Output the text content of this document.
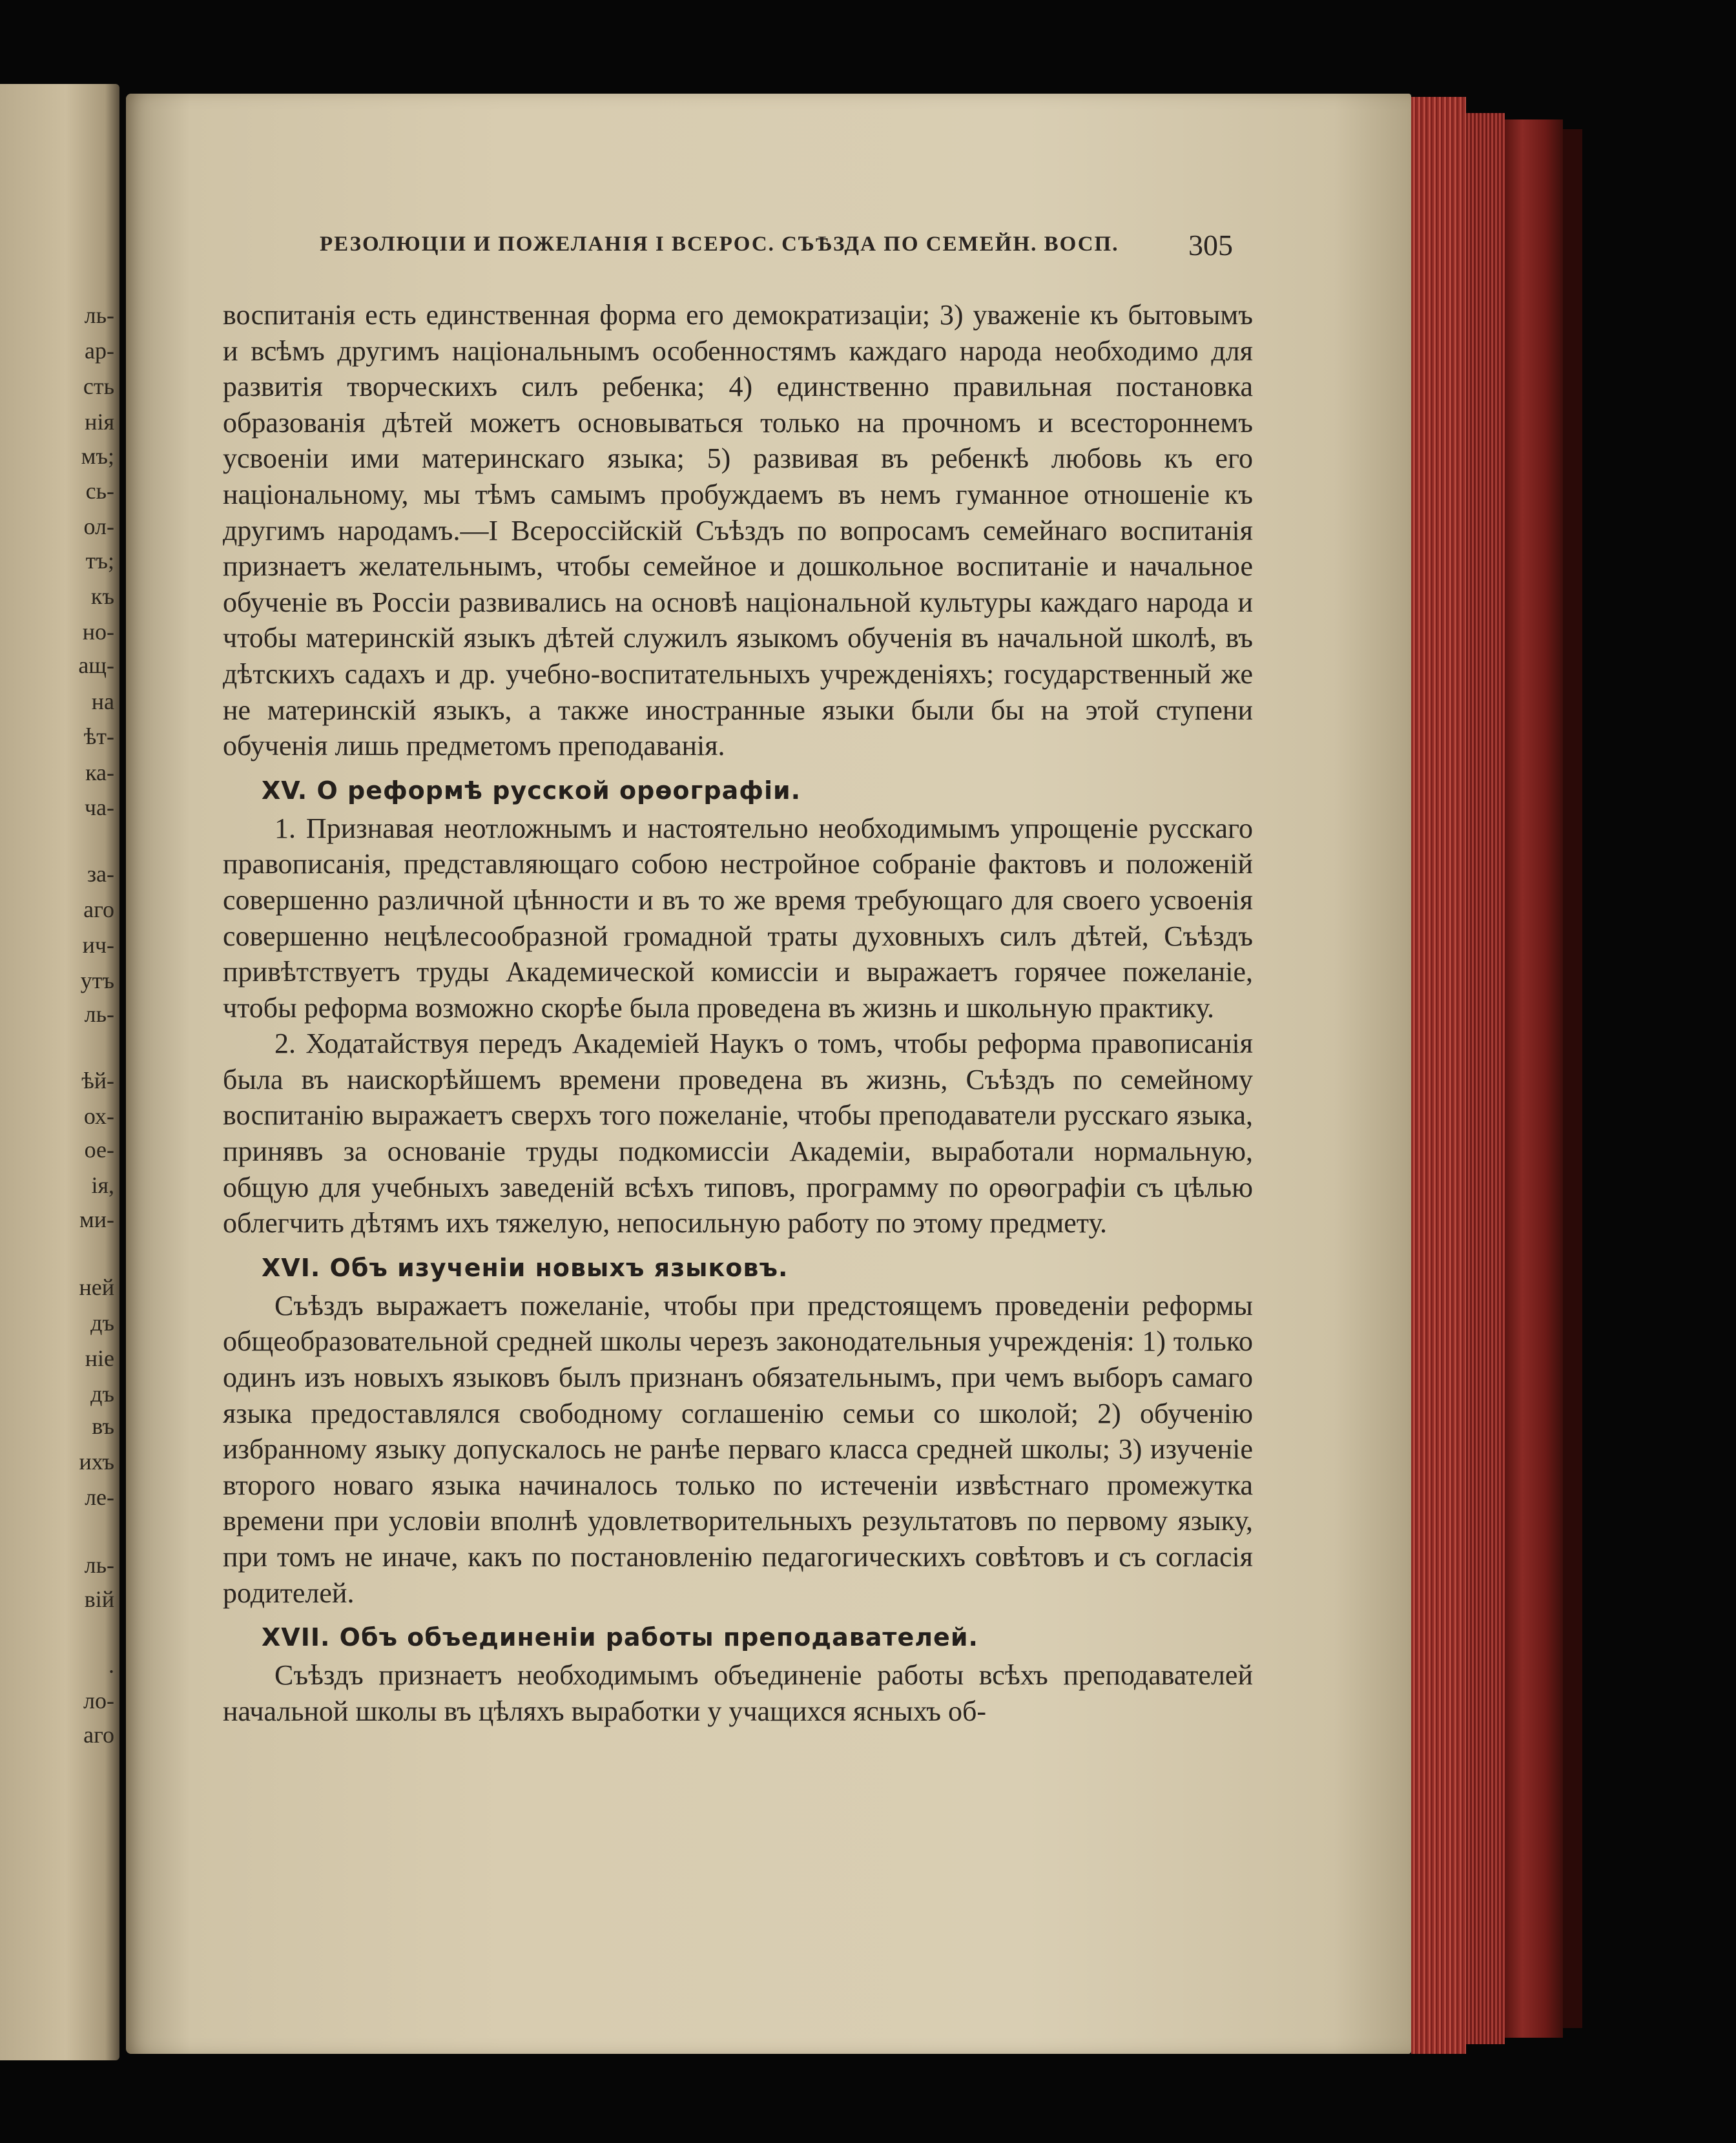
ль-
ар-
сть
нія
мъ;
сь-
ол-
тъ;
къ
но-
ащ-
на
ѣт-
ка-
ча-
за-
аго
ич-
утъ
ль-
ѣй-
ох-
ое-
ія,
ми-
ней
дъ
ніе
дъ
въ
ихъ
ле-
ль-
вій
.
ло-
аго
РЕЗОЛЮЦІИ И ПОЖЕЛАНІЯ І ВСЕРОС. СЪѢЗДА ПО СЕМЕЙН. ВОСП.	305

воспитанія есть единственная форма его демократизаціи; 3) уваженіе къ бытовымъ и всѣмъ другимъ національнымъ особенностямъ каждаго народа необходимо для развитія творческихъ силъ ребенка; 4) единственно правильная постановка образованія дѣтей можетъ основываться только на прочномъ и всестороннемъ усвоеніи ими материнскаго языка; 5) развивая въ ребенкѣ любовь къ его національному, мы тѣмъ самымъ пробуждаемъ въ немъ гуманное отношеніе къ другимъ народамъ.—I Всероссійскій Съѣздъ по вопросамъ семейнаго воспитанія признаетъ желательнымъ, чтобы семейное и дошкольное воспитаніе и начальное обученіе въ Россіи развивались на основѣ національной культуры каждаго народа и чтобы материнскій языкъ дѣтей служилъ языкомъ обученія въ начальной школѣ, въ дѣтскихъ садахъ и др. учебно-воспитательныхъ учрежденіяхъ; государственный же не материнскій языкъ, а также иностранные языки были бы на этой ступени обученія лишь предметомъ преподаванія.

XV. О реформѣ русской орѳографіи.

1. Признавая неотложнымъ и настоятельно необходимымъ упрощеніе русскаго правописанія, представляющаго собою нестройное собраніе фактовъ и положеній совершенно различной цѣнности и въ то же время требующаго для своего усвоенія совершенно нецѣлесообразной громадной траты духовныхъ силъ дѣтей, Съѣздъ привѣтствуетъ труды Академической комиссіи и выражаетъ горячее пожеланіе, чтобы реформа возможно скорѣе была проведена въ жизнь и школьную практику.

2. Ходатайствуя передъ Академіей Наукъ о томъ, чтобы реформа правописанія была въ наискорѣйшемъ времени проведена въ жизнь, Съѣздъ по семейному воспитанію выражаетъ сверхъ того пожеланіе, чтобы преподаватели русскаго языка, принявъ за основаніе труды подкомиссіи Академіи, выработали нормальную, общую для учебныхъ заведеній всѣхъ типовъ, программу по орѳографіи съ цѣлью облегчить дѣтямъ ихъ тяжелую, непосильную работу по этому предмету.

XVI. Объ изученіи новыхъ языковъ.

Съѣздъ выражаетъ пожеланіе, чтобы при предстоящемъ проведеніи реформы общеобразовательной средней школы черезъ законодательныя учрежденія: 1) только одинъ изъ новыхъ языковъ былъ признанъ обязательнымъ, при чемъ выборъ самаго языка предоставлялся свободному соглашенію семьи со школой; 2) обученію избранному языку допускалось не ранѣе перваго класса средней школы; 3) изученіе второго новаго языка начиналось только по истеченіи извѣстнаго промежутка времени при условіи вполнѣ удовлетворительныхъ результатовъ по первому языку, при томъ не иначе, какъ по постановленію педагогическихъ совѣтовъ и съ согласія родителей.

XVII. Объ объединеніи работы преподавателей.

Съѣздъ признаетъ необходимымъ объединеніе работы всѣхъ преподавателей начальной школы въ цѣляхъ выработки у учащихся ясныхъ об-
